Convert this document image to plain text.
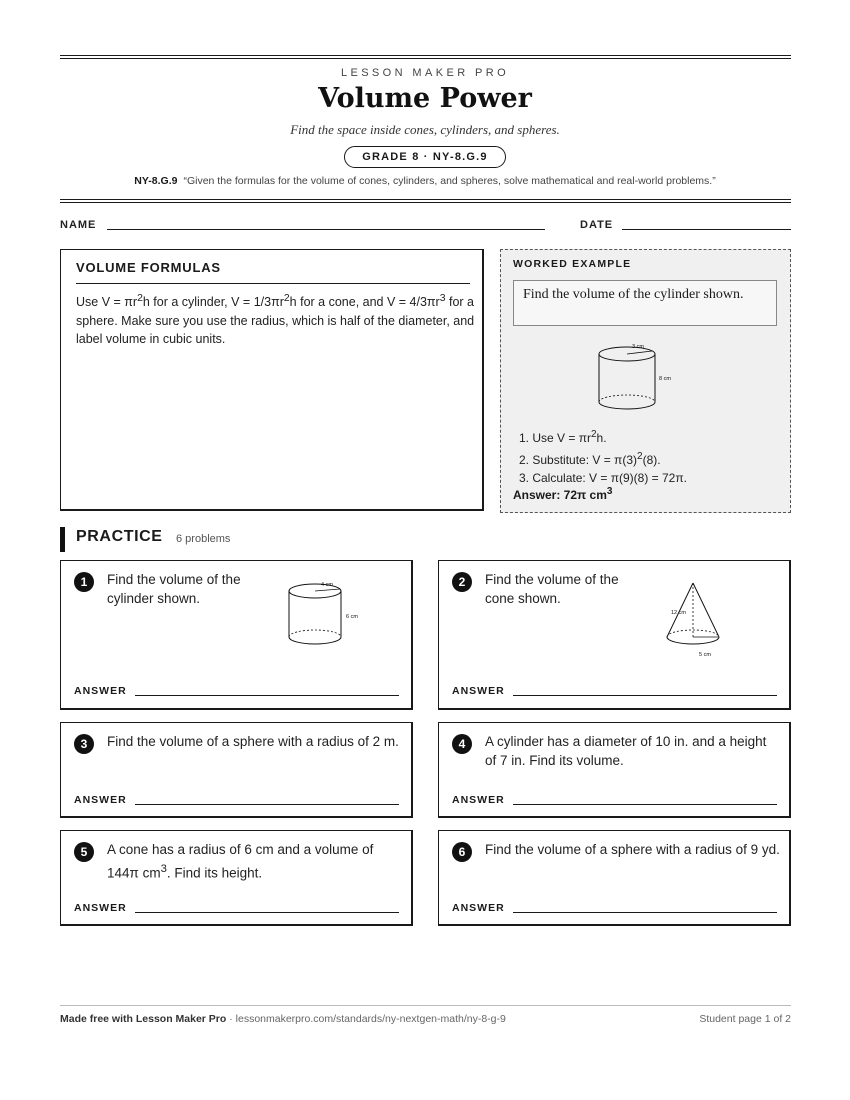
LESSON MAKER PRO
Volume Power
Find the space inside cones, cylinders, and spheres.
GRADE 8 · NY-8.G.9
NY-8.G.9 “Given the formulas for the volume of cones, cylinders, and spheres, solve mathematical and real-world problems.”
NAME	DATE
VOLUME FORMULAS
Use $V = \pi r^2h$ for a cylinder, $V = 1/3\pi r^2h$ for a cone, and $V = 4/3\pi r^3$ for a sphere. Make sure you use the radius, which is half of the diameter, and label volume in cubic units.
WORKED EXAMPLE
Find the volume of the cylinder shown.
3 cm
8 cm
1. Use $V = \pi r^2h$.
2. Substitute: $V = \pi(3)^2(8)$.
3. Calculate: V = π(9)(8) = 72π.
Answer: 72π $cm^3$
PRACTICE 6 problems
1	Find the volume of the cylinder shown.
4 cm
6 cm
ANSWER
2	Find the volume of the cone shown.
12 cm
5 cm
ANSWER
3	Find the volume of a sphere with a radius of 2 m.
ANSWER
4	A cylinder has a diameter of 10 in. and a height of 7 in. Find its volume.
ANSWER
5	A cone has a radius of 6 cm and a volume of 144π $cm^3$. Find its height.
ANSWER
6	Find the volume of a sphere with a radius of 9 yd.
ANSWER
Made free with Lesson Maker Pro · lessonmakerpro.com/standards/ny-nextgen-math/ny-8-g-9	Student page 1 of 2
